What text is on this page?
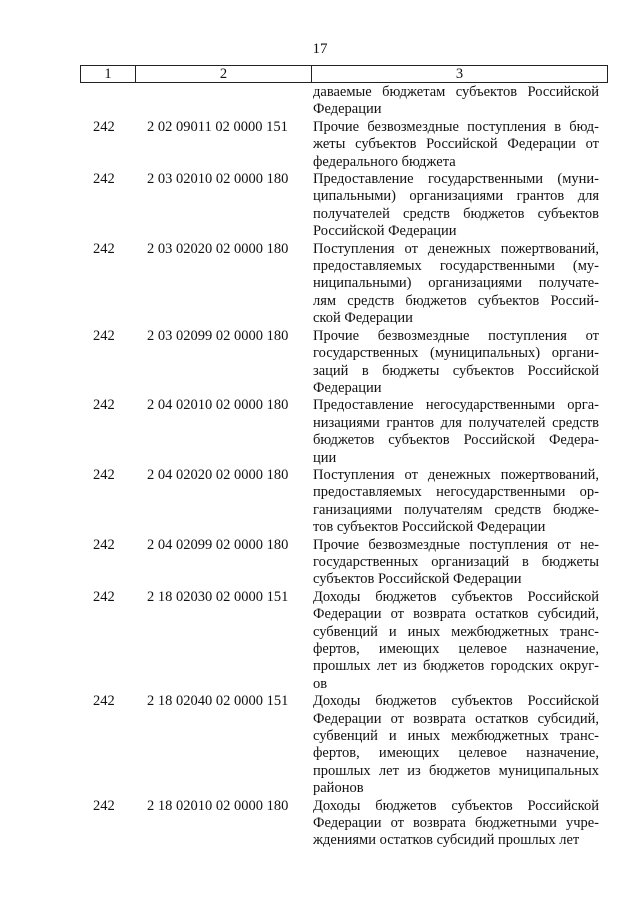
17
1	2	3
даваемые бюджетам субъектов Российской
Федерации
242	2 02 09011 02 0000 151	Прочие безвозмездные поступления в бюд-
жеты субъектов Российской Федерации от
федерального бюджета
242	2 03 02010 02 0000 180	Предоставление государственными (муни-
ципальными) организациями грантов для
получателей средств бюджетов субъектов
Российской Федерации
242	2 03 02020 02 0000 180	Поступления от денежных пожертвований,
предоставляемых государственными (му-
ниципальными) организациями получате-
лям средств бюджетов субъектов Россий-
ской Федерации
242	2 03 02099 02 0000 180	Прочие безвозмездные поступления от
государственных (муниципальных) органи-
заций в бюджеты субъектов Российской
Федерации
242	2 04 02010 02 0000 180	Предоставление негосударственными орга-
низациями грантов для получателей средств
бюджетов субъектов Российской Федера-
ции
242	2 04 02020 02 0000 180	Поступления от денежных пожертвований,
предоставляемых негосударственными ор-
ганизациями получателям средств бюдже-
тов субъектов Российской Федерации
242	2 04 02099 02 0000 180	Прочие безвозмездные поступления от не-
государственных организаций в бюджеты
субъектов Российской Федерации
242	2 18 02030 02 0000 151	Доходы бюджетов субъектов Российской
Федерации от возврата остатков субсидий,
субвенций и иных межбюджетных транс-
фертов, имеющих целевое назначение,
прошлых лет из бюджетов городских округ-
ов
242	2 18 02040 02 0000 151	Доходы бюджетов субъектов Российской
Федерации от возврата остатков субсидий,
субвенций и иных межбюджетных транс-
фертов, имеющих целевое назначение,
прошлых лет из бюджетов муниципальных
районов
242	2 18 02010 02 0000 180	Доходы бюджетов субъектов Российской
Федерации от возврата бюджетными учре-
ждениями остатков субсидий прошлых лет
